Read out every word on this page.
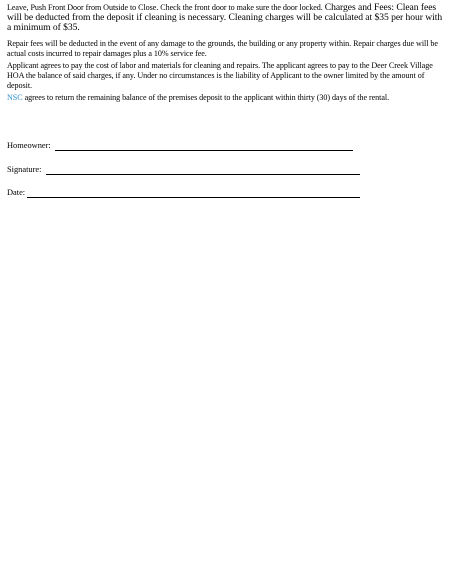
Leave, Push Front Door from Outside to Close. Check the front door to make sure the door locked. Charges and Fees: Clean fees will be deducted from the deposit if cleaning is necessary. Cleaning charges will be calculated at $35 per hour with a minimum of $35.

Repair fees will be deducted in the event of any damage to the grounds, the building or any property within. Repair charges due will be actual costs incurred to repair damages plus a 10% service fee.

Applicant agrees to pay the cost of labor and materials for cleaning and repairs. The applicant agrees to pay to the Deer Creek Village HOA the balance of said charges, if any. Under no circumstances is the liability of Applicant to the owner limited by the amount of deposit.

NSC agrees to return the remaining balance of the premises deposit to the applicant within thirty (30) days of the rental.

Homeowner:
Signature:
Date:
